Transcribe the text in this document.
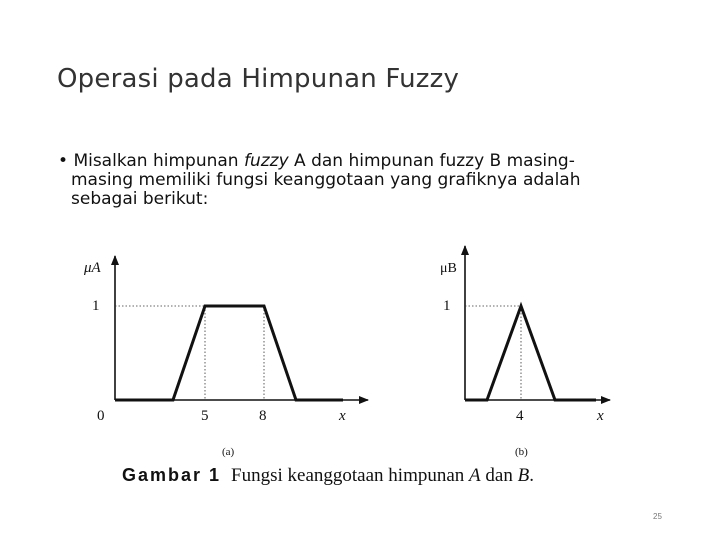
Operasi pada Himpunan Fuzzy
• Misalkan himpunan fuzzy A dan himpunan fuzzy B masing-
masing memiliki fungsi keanggotaan yang grafiknya adalah
sebagai berikut:
μA
1
0	5	8	x
(a)
μB
1
4	x
(b)
Gambar 1 Fungsi keanggotaan himpunan A dan B.
25
